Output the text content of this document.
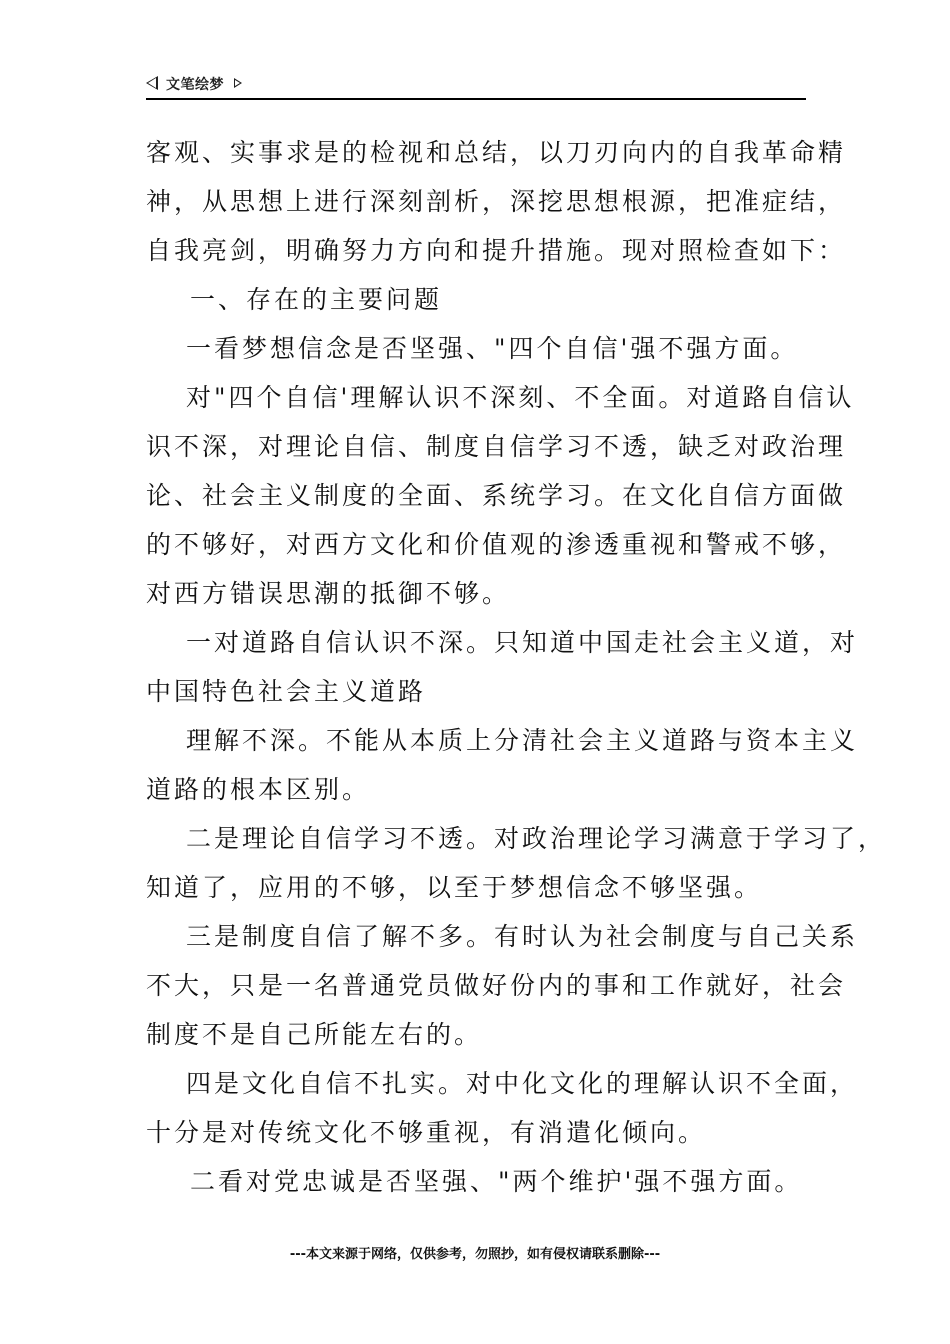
文笔绘梦
客观、实事求是的检视和总结，以刀刃向内的自我革命精
神，从思想上进行深刻剖析，深挖思想根源，把准症结，
自我亮剑，明确努力方向和提升措施。现对照检查如下：
一、存在的主要问题
一看梦想信念是否坚强、"四个自信'强不强方面。
对"四个自信'理解认识不深刻、不全面。对道路自信认
识不深，对理论自信、制度自信学习不透，缺乏对政治理
论、社会主义制度的全面、系统学习。在文化自信方面做
的不够好，对西方文化和价值观的渗透重视和警戒不够，
对西方错误思潮的抵御不够。
一对道路自信认识不深。只知道中国走社会主义道，对
中国特色社会主义道路
理解不深。不能从本质上分清社会主义道路与资本主义
道路的根本区别。
二是理论自信学习不透。对政治理论学习满意于学习了，
知道了，应用的不够，以至于梦想信念不够坚强。
三是制度自信了解不多。有时认为社会制度与自己关系
不大，只是一名普通党员做好份内的事和工作就好，社会
制度不是自己所能左右的。
四是文化自信不扎实。对中化文化的理解认识不全面，
十分是对传统文化不够重视，有消遣化倾向。
二看对党忠诚是否坚强、"两个维护'强不强方面。
---本文来源于网络，仅供参考，勿照抄，如有侵权请联系删除---
